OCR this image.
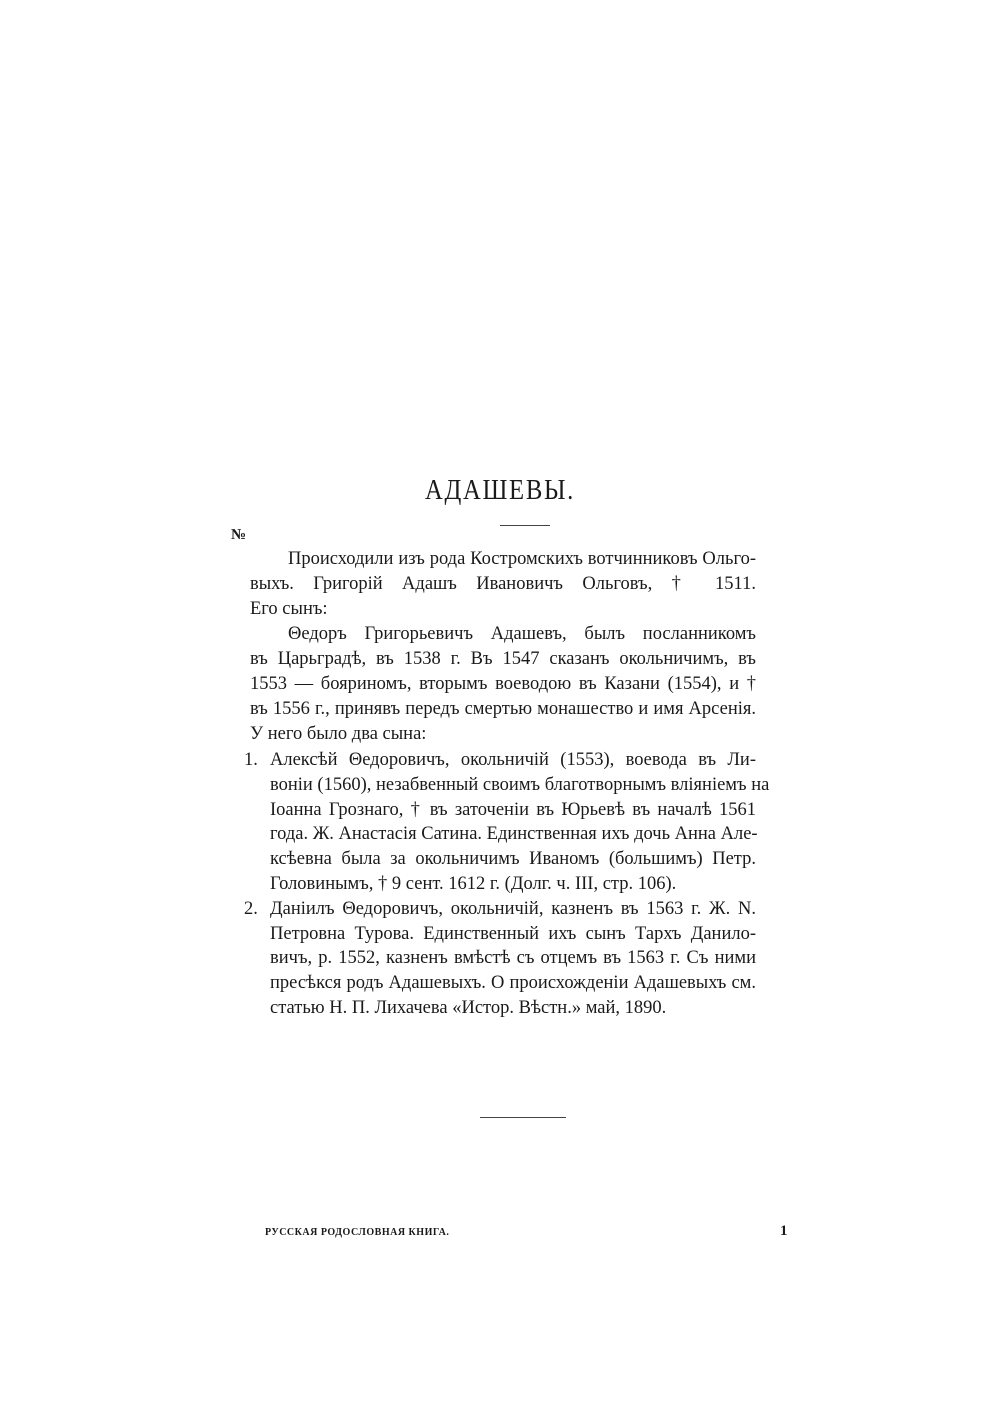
АДАШЕВЫ.
№
Происходили изъ рода Костромскихъ вотчинниковъ Ольго-
выхъ. Григорій Адашъ Ивановичъ Ольговъ, † 1511.
Его сынъ:
Θедоръ Григорьевичъ Адашевъ, былъ посланникомъ
въ Царьградѣ, въ 1538 г. Въ 1547 сказанъ окольничимъ, въ
1553 — бояриномъ, вторымъ воеводою въ Казани (1554), и †
въ 1556 г., принявъ передъ смертью монашество и имя Арсенія.
У него было два сына:
1. Алексѣй Θедоровичъ, окольничій (1553), воевода въ Ли-
воніи (1560), незабвенный своимъ благотворнымъ вліяніемъ на
Іоанна Грознаго, † въ заточеніи въ Юрьевѣ въ началѣ 1561
года. Ж. Анастасія Сатина. Единственная ихъ дочь Анна Але-
ксѣевна была за окольничимъ Иваномъ (большимъ) Петр.
Головинымъ, † 9 сент. 1612 г. (Долг. ч. III, стр. 106).
2. Даніилъ Θедоровичъ, окольничій, казненъ въ 1563 г. Ж. N.
Петровна Турова. Единственный ихъ сынъ Тархъ Данило-
вичъ, р. 1552, казненъ вмѣстѣ съ отцемъ въ 1563 г. Съ ними
пресѣкся родъ Адашевыхъ. О происхожденіи Адашевыхъ см.
статью Н. П. Лихачева «Истор. Вѣстн.» май, 1890.
РУССКАЯ РОДОСЛОВНАЯ КНИГА.	1
